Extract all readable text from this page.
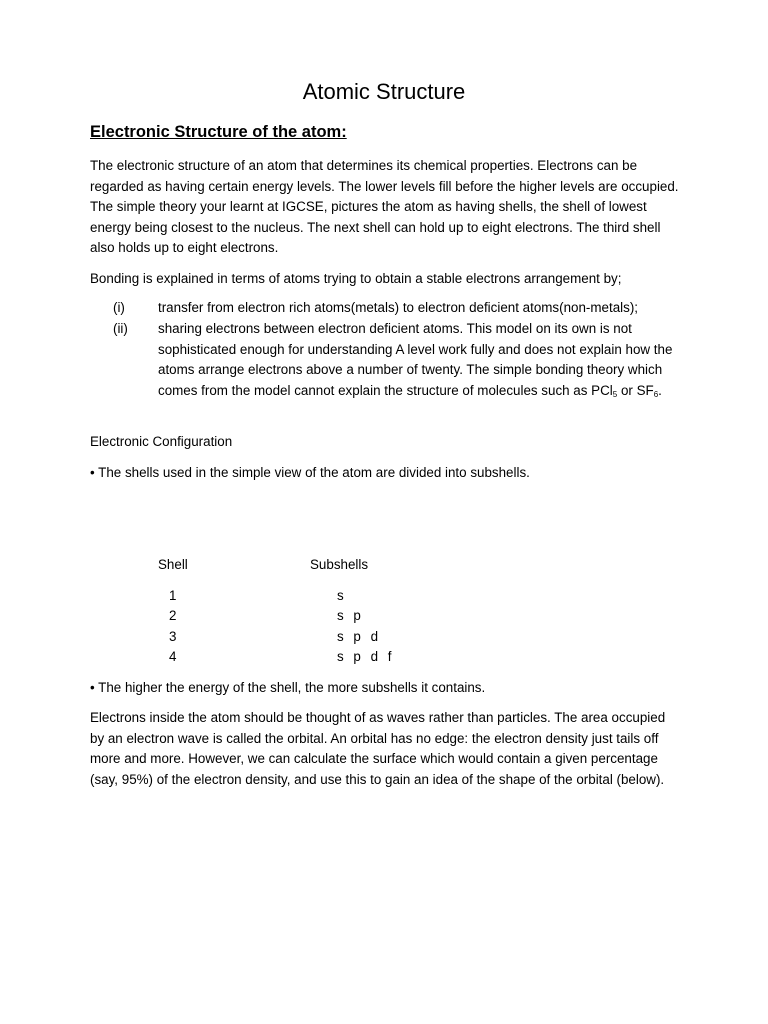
Atomic Structure
Electronic Structure of the atom:

The electronic structure of an atom that determines its chemical properties. Electrons can be regarded as having certain energy levels. The lower levels fill before the higher levels are occupied. The simple theory your learnt at IGCSE, pictures the atom as having shells, the shell of lowest energy being closest to the nucleus. The next shell can hold up to eight electrons. The third shell also holds up to eight electrons.

Bonding is explained in terms of atoms trying to obtain a stable electrons arrangement by;

(i) transfer from electron rich atoms(metals) to electron deficient atoms(non-metals);
(ii) sharing electrons between electron deficient atoms. This model on its own is not sophisticated enough for understanding A level work fully and does not explain how the atoms arrange electrons above a number of twenty. The simple bonding theory which comes from the model cannot explain the structure of molecules such as PCl$_5$ or $SF_6$.

Electronic Configuration

• The shells used in the simple view of the atom are divided into subshells.

Shell	Subshells
1	s
2	s p
3	s p d
4	s p d f

• The higher the energy of the shell, the more subshells it contains.

Electrons inside the atom should be thought of as waves rather than particles. The area occupied by an electron wave is called the orbital. An orbital has no edge: the electron density just tails off more and more. However, we can calculate the surface which would contain a given percentage (say, 95%) of the electron density, and use this to gain an idea of the shape of the orbital (below).
